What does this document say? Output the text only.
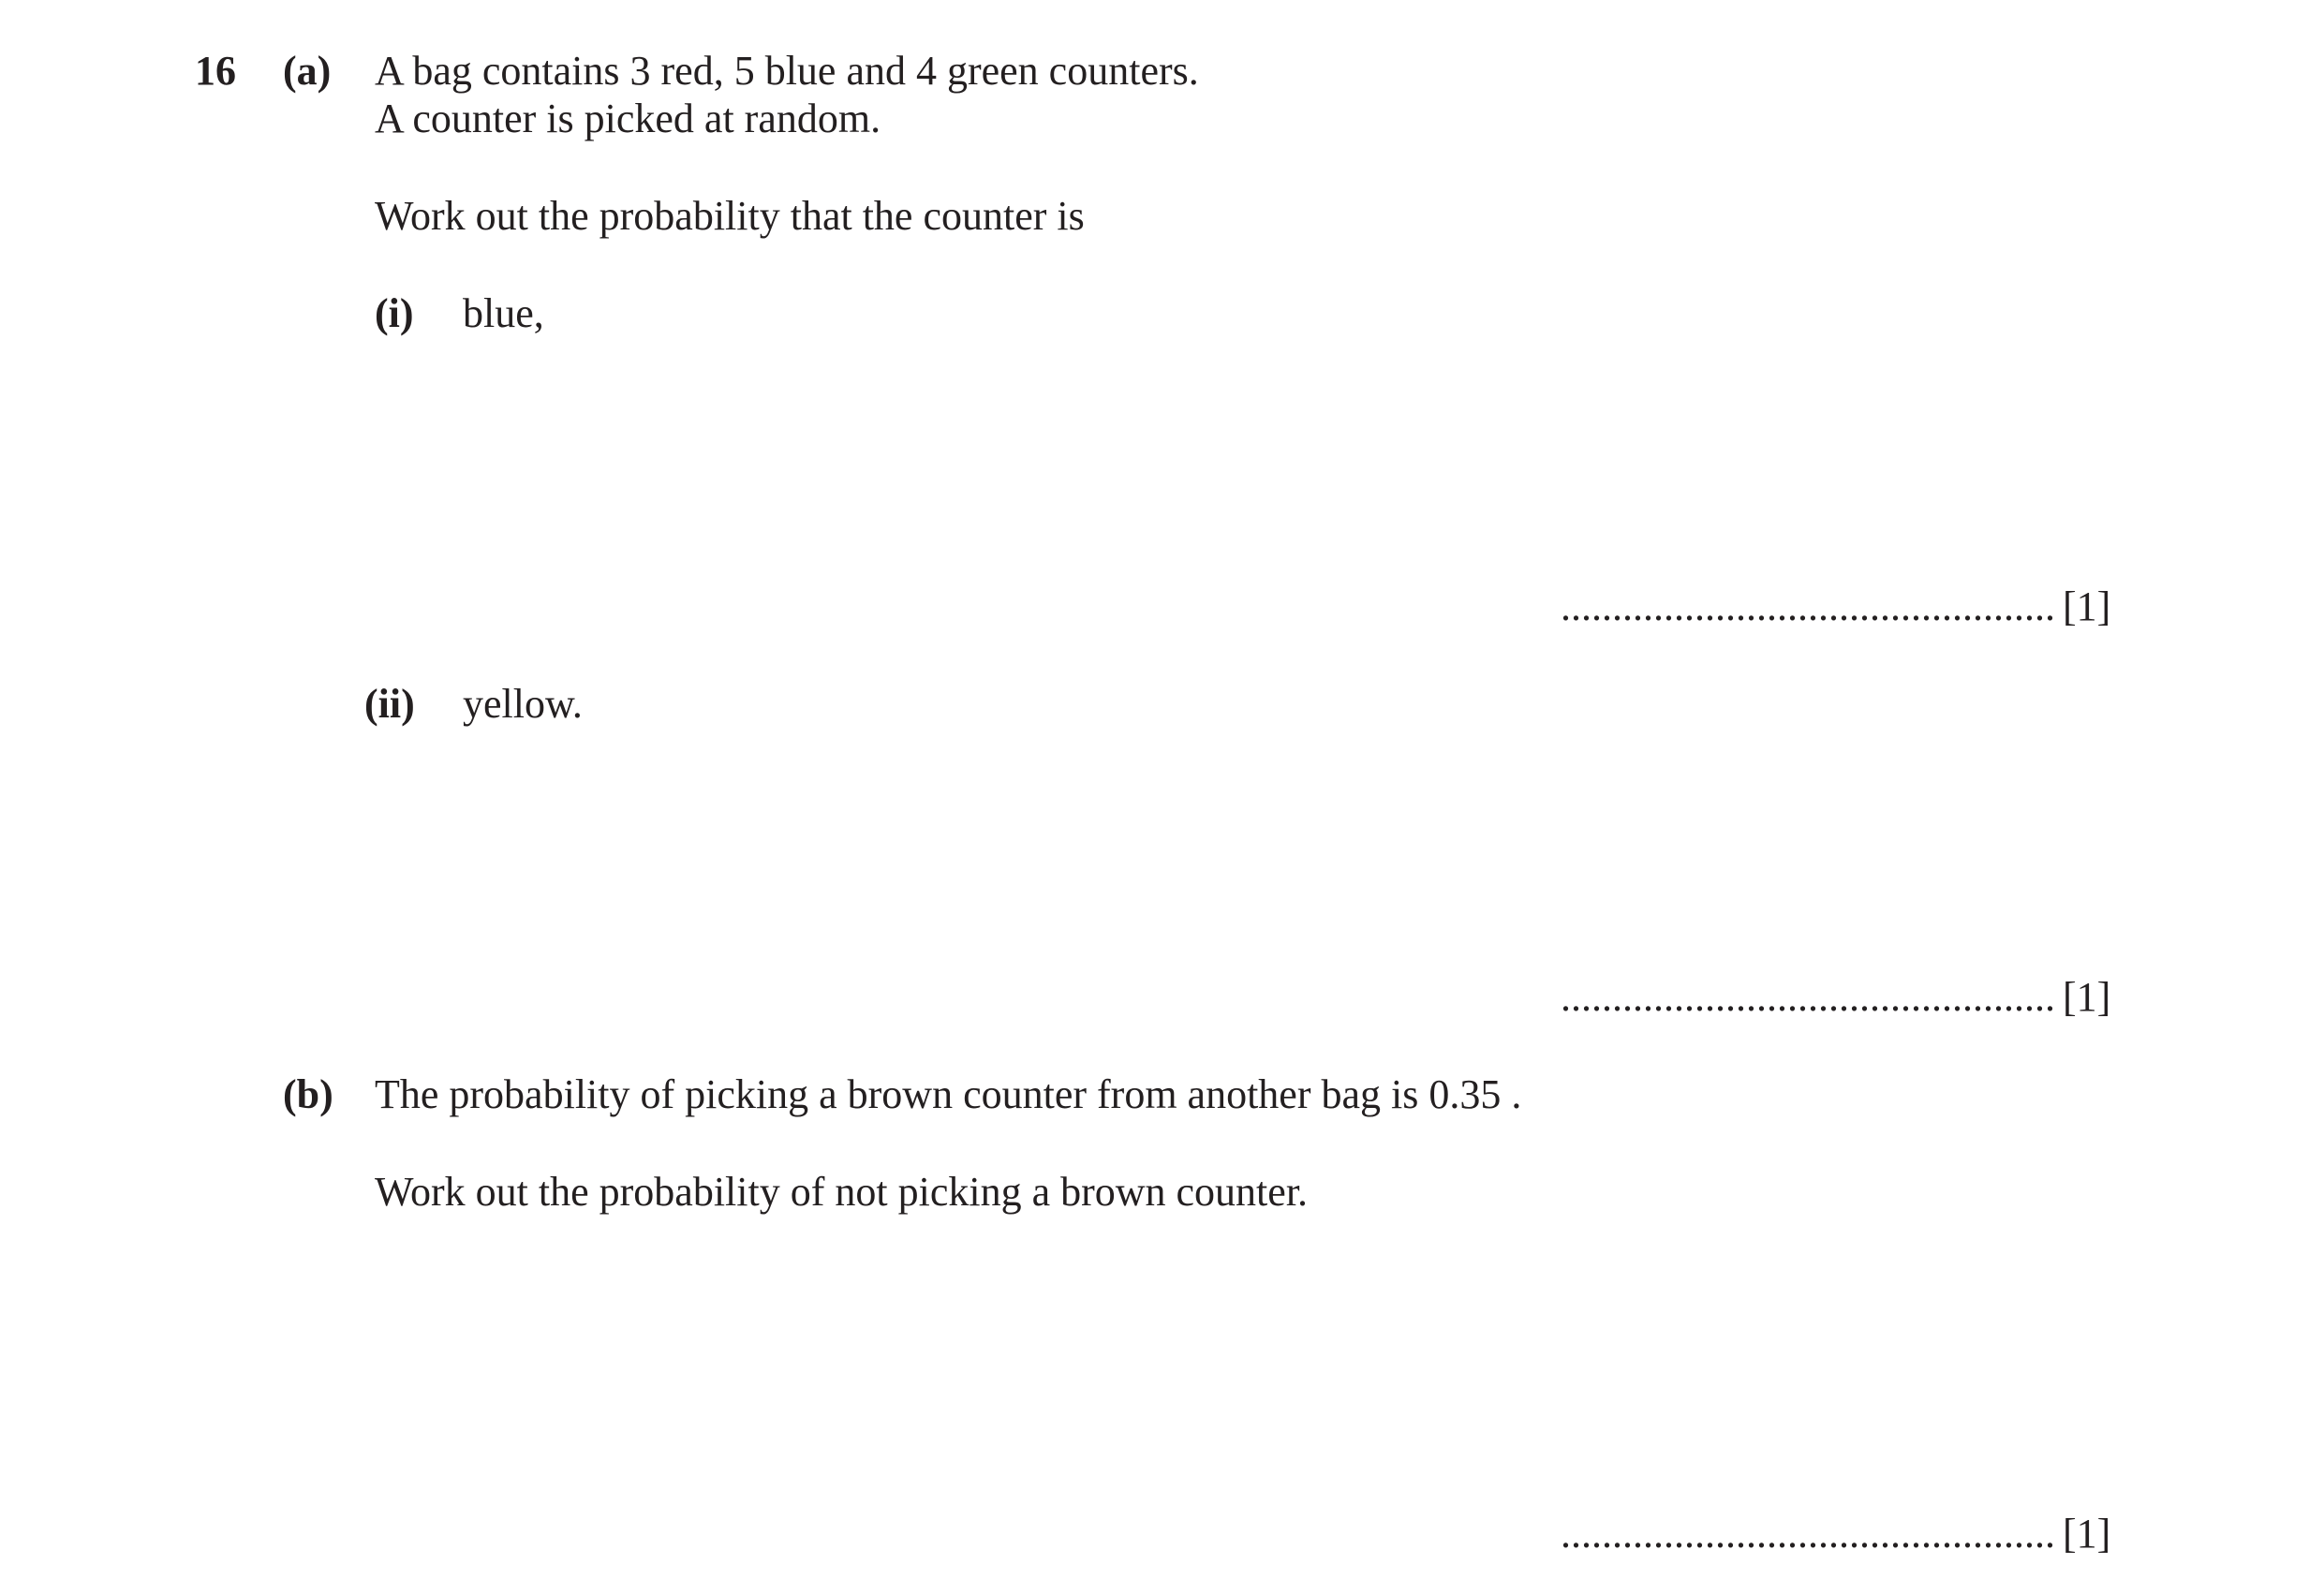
16 (a) A bag contains 3 red, 5 blue and 4 green counters.
A counter is picked at random.
Work out the probability that the counter is
(i) blue,
................................................ [1]
(ii) yellow.
................................................ [1]
(b) The probability of picking a brown counter from another bag is 0.35 .
Work out the probability of not picking a brown counter.
................................................ [1]
